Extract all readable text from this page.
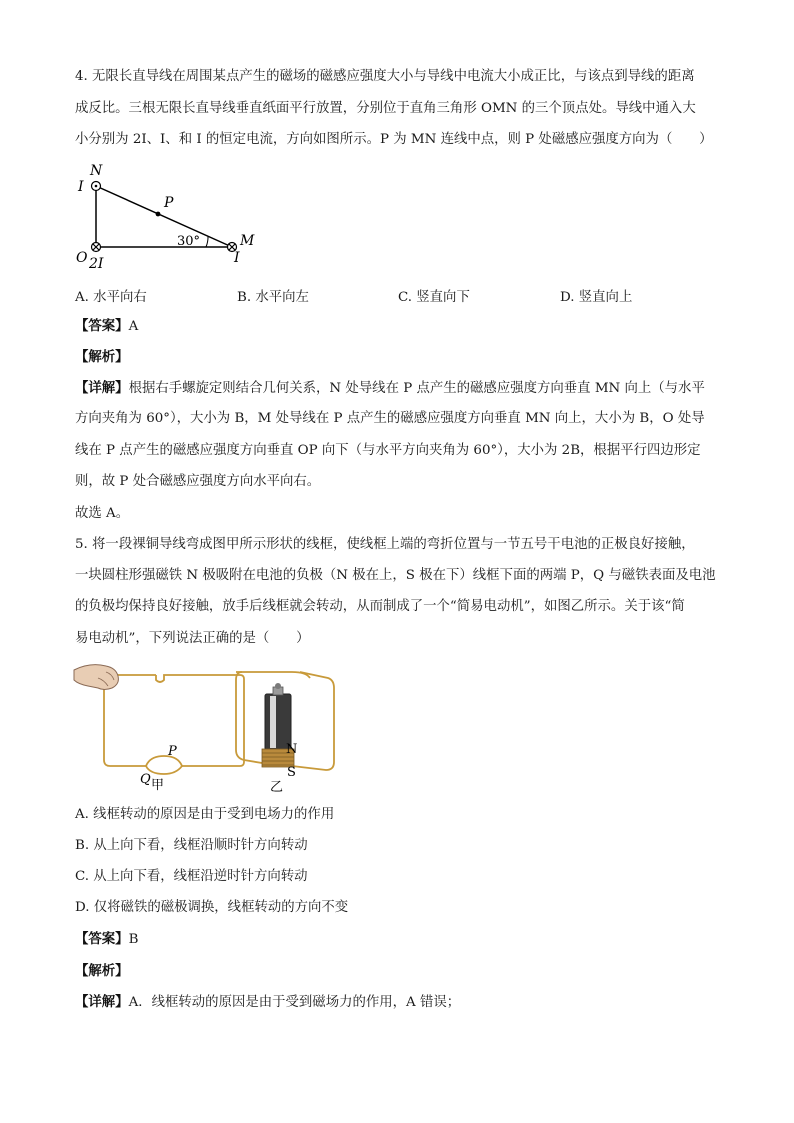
4. 无限长直导线在周围某点产生的磁场的磁感应强度大小与导线中电流大小成正比，与该点到导线的距离
成反比。三根无限长直导线垂直纸面平行放置，分别位于直角三角形 OMN 的三个顶点处。导线中通入大
小分别为 2I、I、和 I 的恒定电流，方向如图所示。P 为 MN 连线中点，则 P 处磁感应强度方向为（　　）
N
I
P
30°	M
O 2I	I
A. 水平向右	B. 水平向左	C. 竖直向下	D. 竖直向上
【答案】A
【解析】
【详解】根据右手螺旋定则结合几何关系，N 处导线在 P 点产生的磁感应强度方向垂直 MN 向上（与水平
方向夹角为 60°），大小为 B，M 处导线在 P 点产生的磁感应强度方向垂直 MN 向上，大小为 B，O 处导
线在 P 点产生的磁感应强度方向垂直 OP 向下（与水平方向夹角为 60°），大小为 2B，根据平行四边形定
则，故 P 处合磁感应强度方向水平向右。
故选 A。
5. 将一段裸铜导线弯成图甲所示形状的线框，使线框上端的弯折位置与一节五号干电池的正极良好接触，
一块圆柱形强磁铁 N 极吸附在电池的负极（N 极在上，S 极在下）线框下面的两端 P，Q 与磁铁表面及电池
的负极均保持良好接触，放手后线框就会转动，从而制成了一个“简易电动机”，如图乙所示。关于该“简
易电动机”，下列说法正确的是（　　）
P
Q 甲
N
S
乙
A. 线框转动的原因是由于受到电场力的作用
B. 从上向下看，线框沿顺时针方向转动
C. 从上向下看，线框沿逆时针方向转动
D. 仅将磁铁的磁极调换，线框转动的方向不变
【答案】B
【解析】
【详解】A．线框转动的原因是由于受到磁场力的作用，A 错误；
